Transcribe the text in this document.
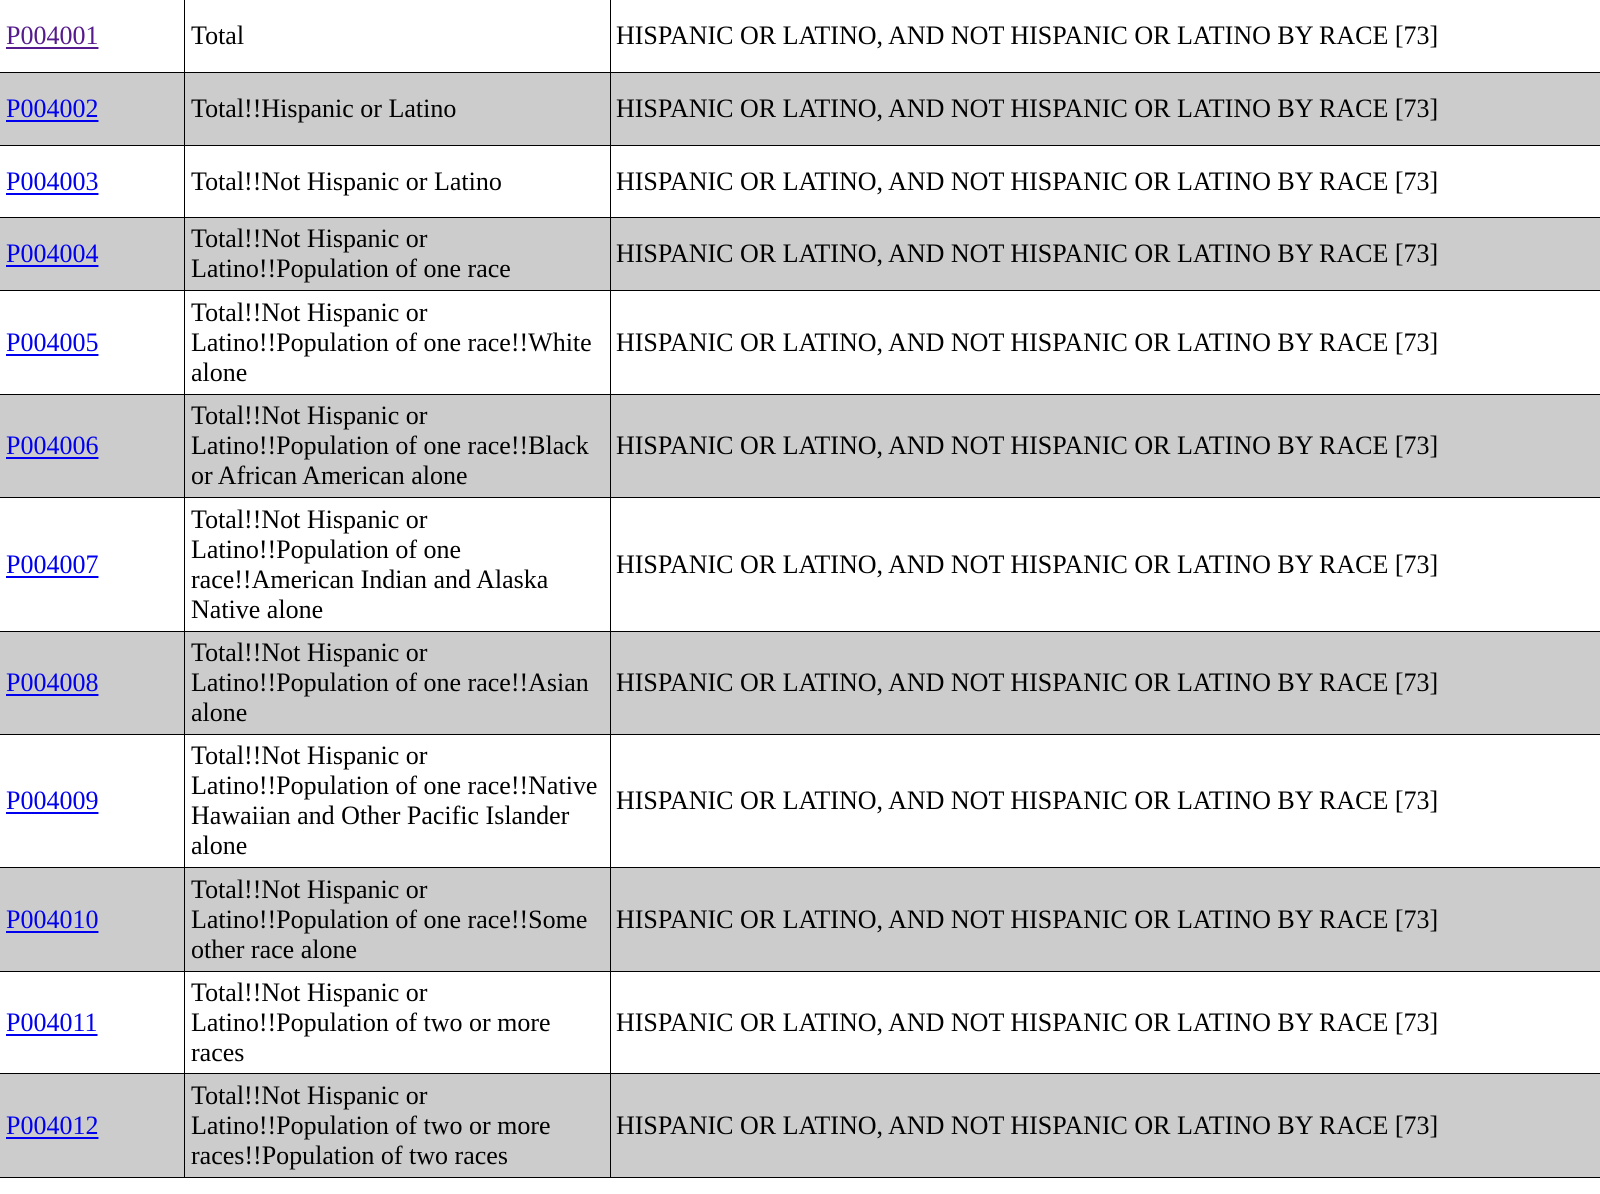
P004001	Total	HISPANIC OR LATINO, AND NOT HISPANIC OR LATINO BY RACE [73]
P004002	Total!!Hispanic or Latino	HISPANIC OR LATINO, AND NOT HISPANIC OR LATINO BY RACE [73]
P004003	Total!!Not Hispanic or Latino	HISPANIC OR LATINO, AND NOT HISPANIC OR LATINO BY RACE [73]
P004004	Total!!Not Hispanic or Latino!!Population of one race	HISPANIC OR LATINO, AND NOT HISPANIC OR LATINO BY RACE [73]
P004005	Total!!Not Hispanic or Latino!!Population of one race!!White alone	HISPANIC OR LATINO, AND NOT HISPANIC OR LATINO BY RACE [73]
P004006	Total!!Not Hispanic or Latino!!Population of one race!!Black or African American alone	HISPANIC OR LATINO, AND NOT HISPANIC OR LATINO BY RACE [73]
P004007	Total!!Not Hispanic or Latino!!Population of one race!!American Indian and Alaska Native alone	HISPANIC OR LATINO, AND NOT HISPANIC OR LATINO BY RACE [73]
P004008	Total!!Not Hispanic or Latino!!Population of one race!!Asian alone	HISPANIC OR LATINO, AND NOT HISPANIC OR LATINO BY RACE [73]
P004009	Total!!Not Hispanic or Latino!!Population of one race!!Native Hawaiian and Other Pacific Islander alone	HISPANIC OR LATINO, AND NOT HISPANIC OR LATINO BY RACE [73]
P004010	Total!!Not Hispanic or Latino!!Population of one race!!Some other race alone	HISPANIC OR LATINO, AND NOT HISPANIC OR LATINO BY RACE [73]
P004011	Total!!Not Hispanic or Latino!!Population of two or more races	HISPANIC OR LATINO, AND NOT HISPANIC OR LATINO BY RACE [73]
P004012	Total!!Not Hispanic or Latino!!Population of two or more races!!Population of two races	HISPANIC OR LATINO, AND NOT HISPANIC OR LATINO BY RACE [73]
